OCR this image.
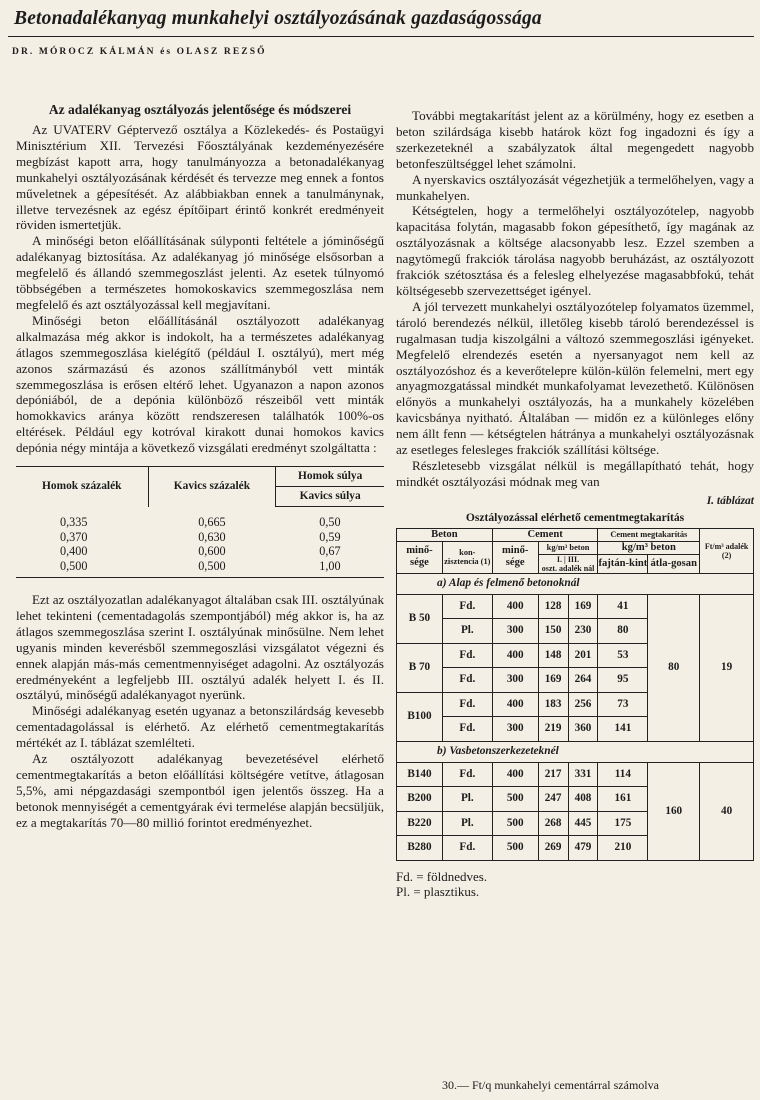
Betonadalékanyag munkahelyi osztályozásának gazdaságossága
DR. MÓROCZ KÁLMÁN és OLASZ REZSŐ
Az adalékanyag osztályozás jelentősége és módszerei

Az UVATERV Géptervező osztálya a Közlekedés- és Postaügyi Minisztérium XII. Tervezési Főosztályának kezdeményezésére megbízást kapott arra, hogy tanulmányozza a betonadalékanyag munkahelyi osztályozásának kérdését és tervezze meg ennek a fontos műveletnek a gépesítését. Az alábbiakban ennek a tanulmánynak, illetve tervezésnek az egész építőipart érintő konkrét eredményeit röviden ismertetjük.

A minőségi beton előállításának súlyponti feltétele a jóminőségű adalékanyag biztosítása. Az adalékanyag jó minősége elsősorban a megfelelő és állandó szemmegoszlást jelenti. Az esetek túlnyomó többségében a természetes homokoskavics szemmegoszlása nem megfelelő és azt osztályozással kell megjavítani.

Minőségi beton előállításánál osztályozott adalékanyag alkalmazása még akkor is indokolt, ha a természetes adalékanyag átlagos szemmegoszlása kielégítő (például I. osztályú), mert még azonos származású és azonos szállítmányból vett minták szemmegoszlása is erősen eltérő lehet. Ugyanazon a napon azonos depóniából, de a depónia különböző részeiből vett minták homokkavics aránya között rendszeresen találhatók 100%-os eltérések. Például egy kotróval kirakott dunai homokos kavics depónia négy mintája a következő vizsgálati eredményt szolgáltatta :

Homok százalék	Kavics százalék	Homok súlya
		Kavics súlya
0,335	0,665	0,50
0,370	0,630	0,59
0,400	0,600	0,67
0,500	0,500	1,00

Ezt az osztályozatlan adalékanyagot általában csak III. osztályúnak lehet tekinteni (cementadagolás szempontjából) még akkor is, ha az átlagos szemmegoszlása szerint I. osztályúnak minősülne. Nem lehet ugyanis minden keverésből szemmegoszlási vizsgálatot végezni és ennek alapján más-más cementmennyiséget adagolni. Az osztályozás eredményeként a legfeljebb III. osztályú adalék helyett I. és II. osztályú, minőségű adalékanyagot nyerünk.

Minőségi adalékanyag esetén ugyanaz a betonszilárdság kevesebb cementadagolással is elérhető. Az elérhető cementmegtakarítás mértékét az I. táblázat szemlélteti.

Az osztályozott adalékanyag bevezetésével elérhető cementmegtakarítás a beton előállítási költségére vetítve, átlagosan 5,5%, ami népgazdasági szempontból igen jelentős összeg. Ha a betonok mennyiségét a cementgyárak évi termelése alapján becsüljük, ez a megtakarítás 70—80 millió forintot eredményezhet.

További megtakarítást jelent az a körülmény, hogy ez esetben a beton szilárdsága kisebb határok közt fog ingadozni és így a szerkezeteknél a szabályzatok által megengedett nagyobb betonfeszültséggel lehet számolni.

A nyerskavics osztályozását végezhetjük a termelőhelyen, vagy a munkahelyen.

Kétségtelen, hogy a termelőhelyi osztályozótelep, nagyobb kapacitása folytán, magasabb fokon gépesíthető, így magának az osztályozásnak a költsége alacsonyabb lesz. Ezzel szemben a nagytömegű frakciók tárolása nagyobb beruházást, az osztályozott frakciók szétosztása és a felesleg elhelyezése magasabbfokú, tehát költségesebb szervezettséget igényel.

A jól tervezett munkahelyi osztályozótelep folyamatos üzemmel, tároló berendezés nélkül, illetőleg kisebb tároló berendezéssel is rugalmasan tudja kiszolgálni a változó szemmegoszlási igényeket. Megfelelő elrendezés esetén a nyersanyagot nem kell az osztályozóshoz és a keverőtelepre külön-külön felemelni, mert egy anyagmozgatással mindkét munkafolyamat levezethető. Különösen előnyös a munkahelyi osztályozás, ha a munkahely közelében kavicsbánya nyitható. Általában — midőn ez a különleges előny nem állt fenn — kétségtelen hátránya a munkahelyi osztályozásnak az esetleges felesleges frakciók szállítási költsége.

Részletesebb vizsgálat nélkül is megállapítható tehát, hogy mindkét osztályozási módnak meg van

I. táblázat
Osztályozással elérhető cementmegtakarítás
Beton		Cement			Cement megtakarítás		Ft/m³ adalék (2)
minő-sége	kon-zisztencia (1)	minő-sége	kg/m³ beton		kg/m³ beton		
			I. | III.
oszt. adalék nál		fajtán-kint	átla-gosan	
a) Alap és felmenő betonoknál							
B 50	Fd.	400	128	169	41	80	19
	Pl.	300	150	230	80		
B 70	Fd.	400	148	201	53		
	Fd.	300	169	264	95		
B100	Fd.	400	183	256	73		
	Fd.	300	219	360	141		
b) Vasbetonszerkezeteknél							
B140	Fd.	400	217	331	114	160	40
B200	Pl.	500	247	408	161		
B220	Pl.	500	268	445	175		
B280	Fd.	500	269	479	210		
Fd. = földnedves.
Pl. = plasztikus.
30.— Ft/q munkahelyi cementárral számolva
